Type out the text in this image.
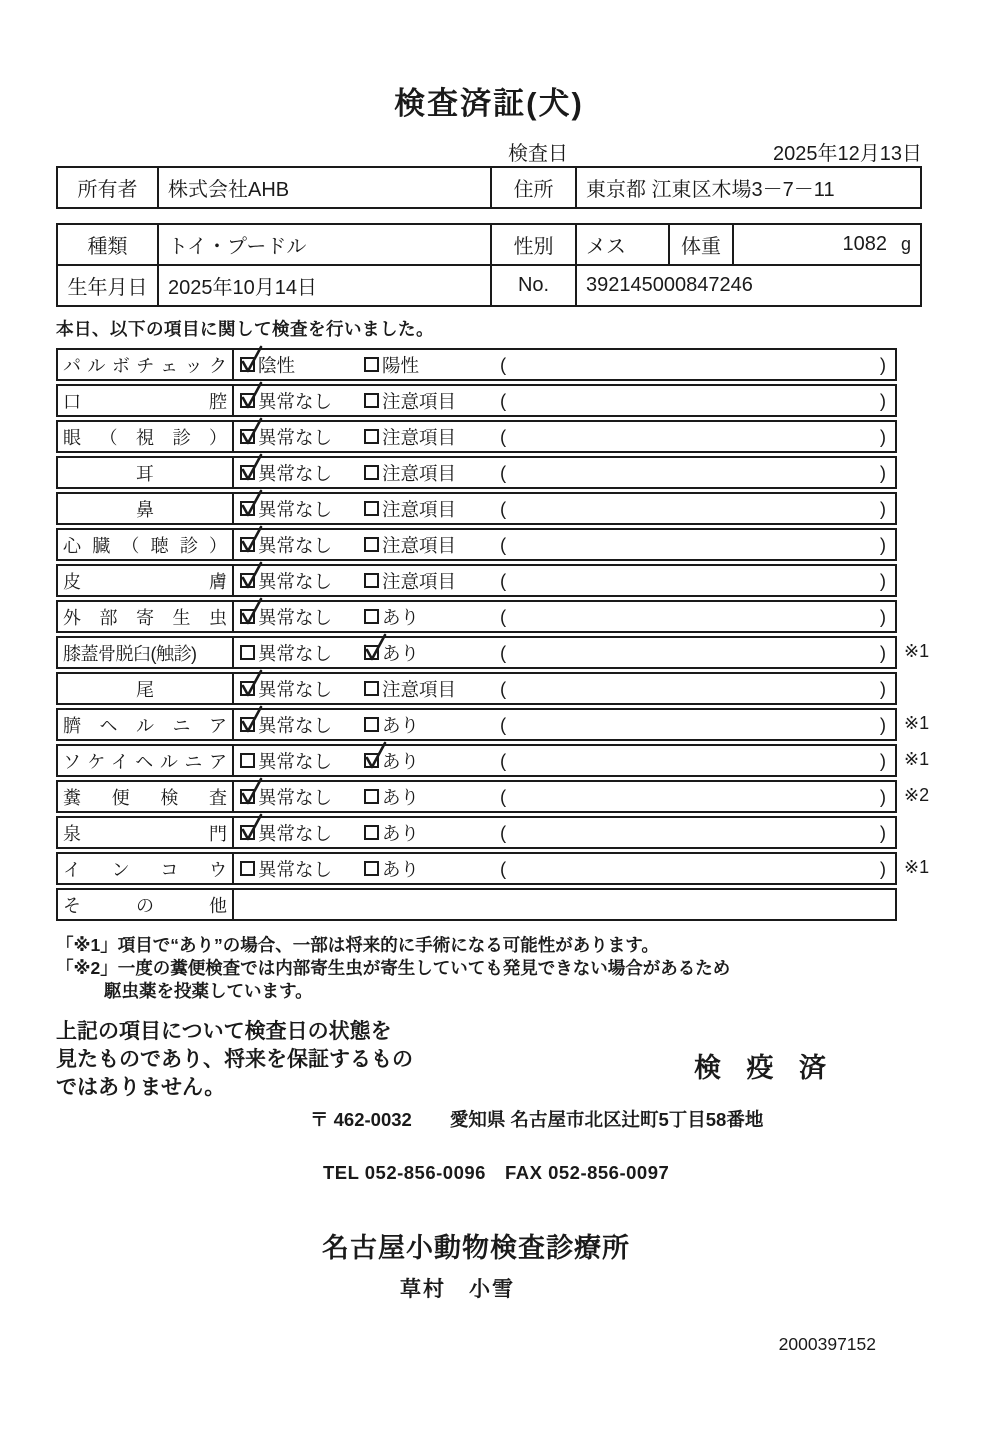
検査済証(犬)
検査日	2025年12月13日
所有者	株式会社AHB	住所	東京都 江東区木場3－7－11
種類	トイ・プードル	性別	メス	体重	1082 g
生年月日	2025年10月14日	No.	392145000847246		
本日、以下の項目に関して検査を行いました。
パルボチェック 陰性	陽性	(	)
口腔 異常なし	注意項目 (	)
眼（視診） 異常なし	注意項目 (	)
耳	異常なし	注意項目 (	)
鼻	異常なし	注意項目 (	)
心臓（聴診） 異常なし	注意項目 (	)
皮膚 異常なし	注意項目 (	)
外部寄生虫 異常なし	あり	(	)
膝蓋骨脱臼(触診)	異常なし	あり	(	)	※1
尾	異常なし	注意項目 (	)
臍ヘルニア 異常なし	あり	(	)	※1
ソケイヘルニア 異常なし	あり	(	)	※1
糞便検査 異常なし	あり	(	)	※2
泉門 異常なし	あり	(	)
インコウ 異常なし	あり	(	)	※1
その他
「※1」項目で“あり”の場合、一部は将来的に手術になる可能性があります。
「※2」一度の糞便検査では内部寄生虫が寄生していても発見できない場合があるため
駆虫薬を投薬しています。
上記の項目について検査日の状態を
見たものであり、将来を保証するもの
ではありません。
検 疫 済
〒 462-0032 愛知県 名古屋市北区辻町5丁目58番地
TEL 052-856-0096　FAX 052-856-0097
名古屋小動物検査診療所
草村　小雪
2000397152
